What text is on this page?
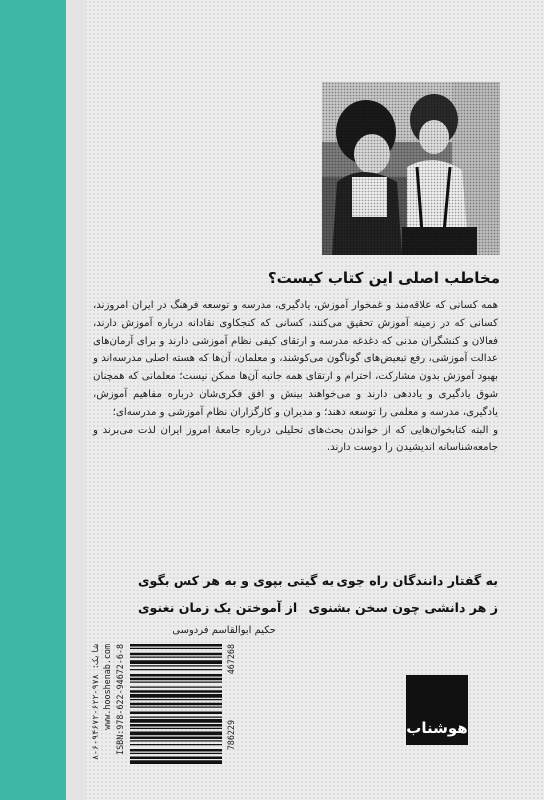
مخاطب اصلی این کتاب کیست؟

همه کسانی که علاقه‌مند و غمخوار آموزش، یادگیری، مدرسه و توسعه فرهنگ در ایران امروزند، کسانی که در زمینه آموزش تحقیق می‌کنند، کسانی که کنجکاوی نقادانه درباره آموزش دارند، فعالان و کنشگران مدنی که دغدغه مدرسه و ارتقای کیفی نظام آموزشی دارند و برای آرمان‌های عدالت آموزشی، رفع تبعیض‌های گوناگون می‌کوشند، و معلمان، آن‌ها که هسته اصلی مدرسه‌اند و بهبود آموزش بدون مشارکت، احترام و ارتقای همه جانبه آن‌ها ممکن نیست؛ معلمانی که همچنان شوق یادگیری و یاددهی دارند و می‌خواهند بینش و افق فکری‌شان درباره مفاهیم آموزش، یادگیری، مدرسه و معلمی را توسعه دهند؛ و مدیران و کارگزاران نظام آموزشی و مدرسه‌ای؛

و البته کتابخوان‌هایی که از خواندن بحث‌های تحلیلی درباره جامعهٔ امروز ایران لذت می‌برند و جامعه‌شناسانه اندیشیدن را دوست دارند.

به گفتار دانندگان راه جوی
به گیتی بپوی و به هر کس بگوی
ز هر دانشی چون سخن بشنوی
از آموختن یک زمان نغنوی
حکیم ابوالقاسم فردوسی
هوشناب
شابک: ۹۷۸-۶۲۲-۹۴۶۷۲-۶-۸ www.hooshenab.com ISBN:978-622-94672-6-8	467268
786229
